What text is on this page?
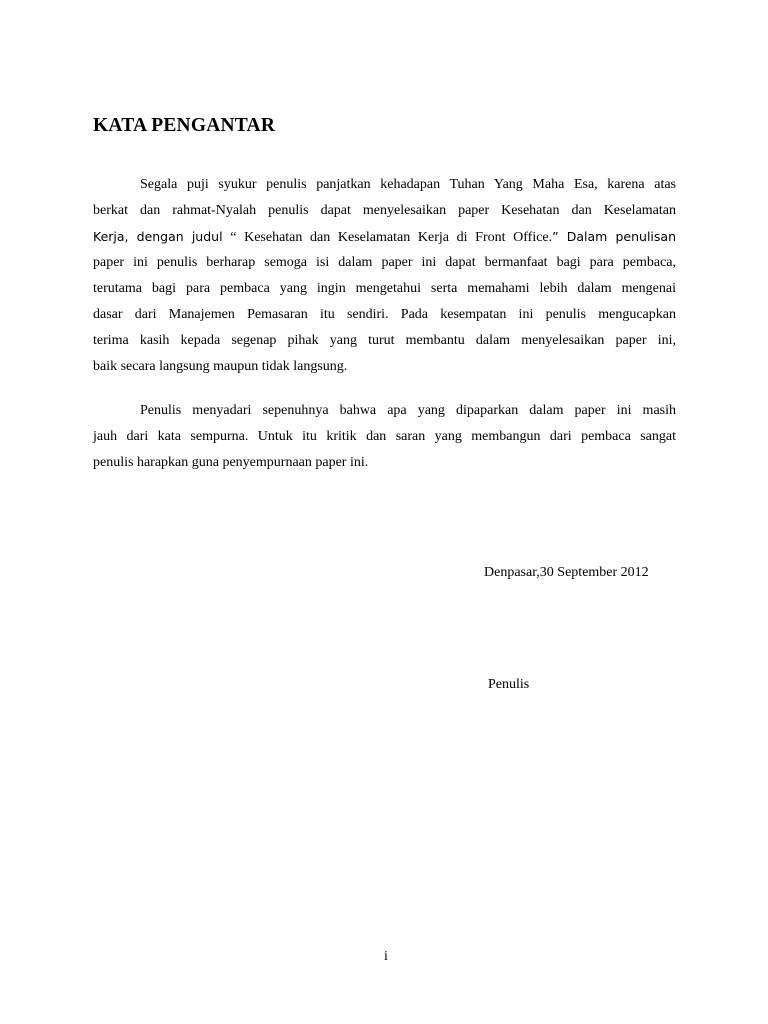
KATA PENGANTAR
Segala puji syukur penulis panjatkan kehadapan Tuhan Yang Maha Esa, karena atas
berkat dan rahmat-Nyalah penulis dapat menyelesaikan paper Kesehatan dan Keselamatan
Kerja, dengan judul “ Kesehatan dan Keselamatan Kerja di Front Office.” Dalam penulisan
paper ini penulis berharap semoga isi dalam paper ini dapat bermanfaat bagi para pembaca,
terutama bagi para pembaca yang ingin mengetahui serta memahami lebih dalam mengenai
dasar dari Manajemen Pemasaran itu sendiri. Pada kesempatan ini penulis mengucapkan
terima kasih kepada segenap pihak yang turut membantu dalam menyelesaikan paper ini,
baik secara langsung maupun tidak langsung.
Penulis menyadari sepenuhnya bahwa apa yang dipaparkan dalam paper ini masih
jauh dari kata sempurna. Untuk itu kritik dan saran yang membangun dari pembaca sangat
penulis harapkan guna penyempurnaan paper ini.
Denpasar,30 September 2012
Penulis
i
